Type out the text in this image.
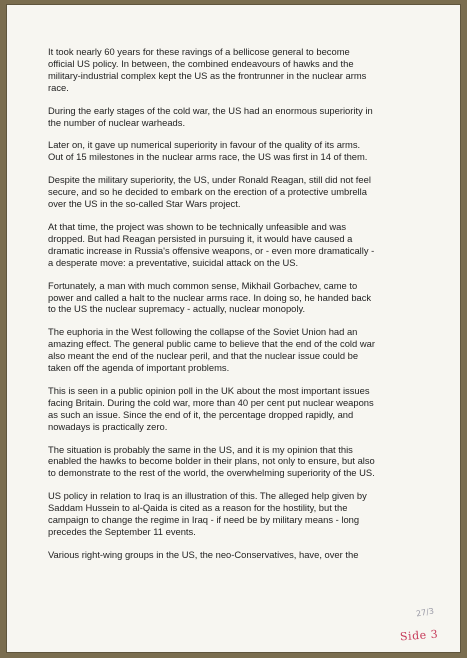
It took nearly 60 years for these ravings of a bellicose general to become
official US policy. In between, the combined endeavours of hawks and the
military-industrial complex kept the US as the frontrunner in the nuclear arms
race.

During the early stages of the cold war, the US had an enormous superiority in
the number of nuclear warheads.

Later on, it gave up numerical superiority in favour of the quality of its arms.
Out of 15 milestones in the nuclear arms race, the US was first in 14 of them.

Despite the military superiority, the US, under Ronald Reagan, still did not feel
secure, and so he decided to embark on the erection of a protective umbrella
over the US in the so-called Star Wars project.

At that time, the project was shown to be technically unfeasible and was
dropped. But had Reagan persisted in pursuing it, it would have caused a
dramatic increase in Russia's offensive weapons, or - even more dramatically -
a desperate move: a preventative, suicidal attack on the US.

Fortunately, a man with much common sense, Mikhail Gorbachev, came to
power and called a halt to the nuclear arms race. In doing so, he handed back
to the US the nuclear supremacy - actually, nuclear monopoly.

The euphoria in the West following the collapse of the Soviet Union had an
amazing effect. The general public came to believe that the end of the cold war
also meant the end of the nuclear peril, and that the nuclear issue could be
taken off the agenda of important problems.

This is seen in a public opinion poll in the UK about the most important issues
facing Britain. During the cold war, more than 40 per cent put nuclear weapons
as such an issue. Since the end of it, the percentage dropped rapidly, and
nowadays is practically zero.

The situation is probably the same in the US, and it is my opinion that this
enabled the hawks to become bolder in their plans, not only to ensure, but also
to demonstrate to the rest of the world, the overwhelming superiority of the US.

US policy in relation to Iraq is an illustration of this. The alleged help given by
Saddam Hussein to al-Qaida is cited as a reason for the hostility, but the
campaign to change the regime in Iraq - if need be by military means - long
precedes the September 11 events.

Various right-wing groups in the US, the neo-Conservatives, have, over the

27/3
Side 3
